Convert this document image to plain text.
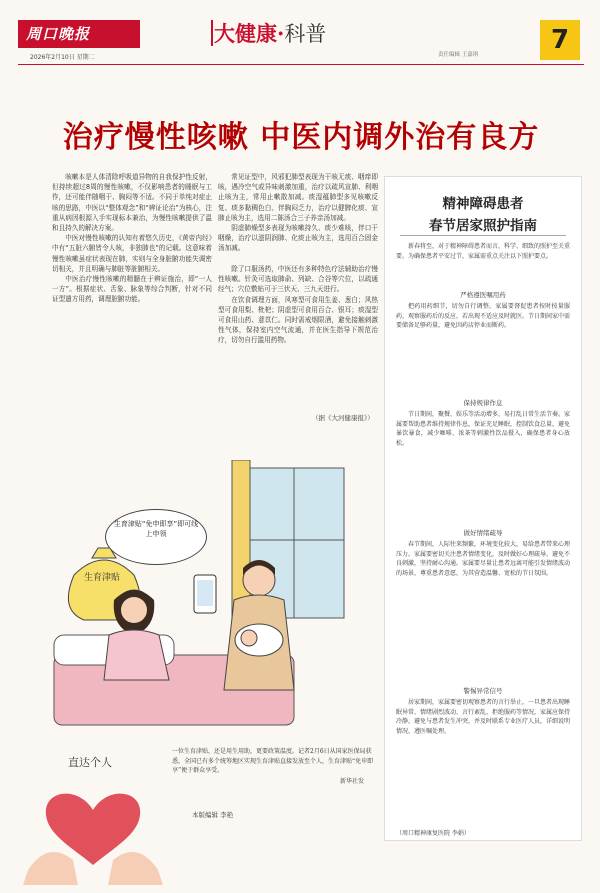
周口晚报
2026年2月10日 星期二
大健康·科普
责任编辑 王嘉琪	7
治疗慢性咳嗽 中医内调外治有良方

咳嗽本是人体清除呼吸道异物的自我保护性反射，但持续超过8周的慢性咳嗽，不仅影响患者的睡眠与工作，还可能伴随咽干、胸闷等不适。不同于单纯对症止咳的思路，中医以“整体观念”和“辨证论治”为核心，注重从病因根源入手实现标本兼治，为慢性咳嗽提供了温和且持久的解决方案。

中医对慢性咳嗽的认知有着悠久历史，《黄帝内经》中有“五脏六腑皆令人咳，非独肺也”的记载。这意味着慢性咳嗽虽症状表现在肺，实则与全身脏腑功能失调密切相关，并且明确与肺脏等脏腑相关。

中医治疗慢性咳嗽的精髓在于辨证施治，即“一人一方”。根据症状、舌象、脉象等综合判断，针对不同证型遣方用药，调理脏腑功能。

常见证型中，风邪犯肺型表现为干咳无痰、咽痒即咳，遇冷空气或异味刺激加重，治疗以疏风宣肺、利咽止咳为主，常用止嗽散加减。痰湿蕴肺型多见咳嗽反复、痰多黏稠色白、伴胸闷乏力，治疗以健脾化痰、宣肺止咳为主，选用二陈汤合三子养亲汤加减。

阴虚肺燥型多表现为咳嗽持久、痰少难咳，伴口干咽燥，治疗以滋阴润肺、化痰止咳为主，选用百合固金汤加减。

除了口服汤药，中医还有多种特色疗法辅助治疗慢性咳嗽。针灸可选取肺俞、列缺、合谷等穴位，以疏通经气；穴位敷贴可于三伏天、三九天进行。

在饮食调理方面，风寒型可食用生姜、葱白；风热型可食用梨、枇杷；阴虚型可食用百合、银耳；痰湿型可食用山药、薏苡仁。同时需戒烟限酒，避免接触刺激性气体，保持室内空气流通，并在医生指导下规范治疗，切勿自行滥用药物。

（据《大河健康报》）
精神障碍患者
春节居家照护指南

新春将至，对于精神障碍患者而言，科学、细致的照护至关重要。为确保患者平安过节，家属需重点关注以下照护要点。

严格遵医嘱用药

把药用药细节，切勿自行调整。家属要督促患者按时按量服药，观察服药后的反应，若出现不适应及时就医。节日期间家中需要储备足够药量，避免因药店停业而断药。

保持规律作息

节日期间，聚餐、娱乐等活动增多，易打乱日常生活节奏。家属要帮助患者维持规律作息，保证充足睡眠，控制饮食总量，避免暴饮暴食，减少咖啡、浓茶等刺激性饮品摄入，确保患者身心放松。

做好情绪疏导

春节期间，人际往来频繁，环境变化较大，易给患者带来心理压力。家属要密切关注患者情绪变化，及时做好心理疏导。避免不良刺激，坚持耐心沟通。家属要尽量让患者远离可能引发情绪波动的场景，尊重患者意愿，为其营造温馨、宽松的节日氛围。

警惕异常信号

居家期间，家属要密切观察患者的言行举止，一旦患者出现睡眠异常、情绪剧烈波动、言行紊乱、拒绝服药等情况，家属应保持冷静，避免与患者发生冲突，并及时联系专业医疗人员，详细说明情况，遵医嘱处理。

（周口精神康复医院 李娟）
生育津贴“免申即享”即可线上申领
生育津贴
直达个人
一位生育津贴，还是用生用助，更要政策温度。记者2月6日从国家医保局获悉，全国已有多个统筹地区实现生育津贴直接发放至个人，生育津贴“免申即享”便于群众享受。
新华社发
本版编辑 李艳
